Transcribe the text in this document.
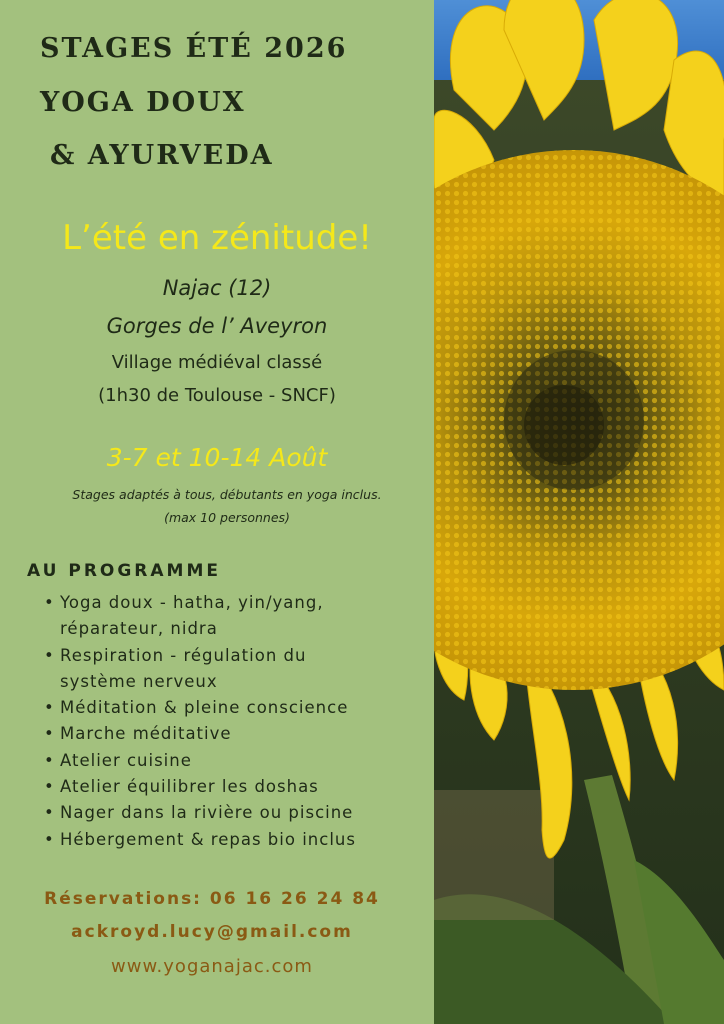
STAGES ÉTÉ 2026
YOGA DOUX
& AYURVEDA

L’été en zénitude!

Najac (12)

Gorges de l’ Aveyron

Village médiéval classé

(1h30 de Toulouse - SNCF)

3-7 et 10-14 Août

Stages adaptés à tous, débutants en yoga inclus.

(max 10 personnes)

AU PROGRAMME
• Yoga doux - hatha, yin/yang,
réparateur, nidra
• Respiration - régulation du
système nerveux
• Méditation & pleine conscience
• Marche méditative
• Atelier cuisine
• Atelier équilibrer les doshas
• Nager dans la rivière ou piscine
• Hébergement & repas bio inclus

Réservations: 06 16 26 24 84

ackroyd.lucy@gmail.com

www.yoganajac.com
